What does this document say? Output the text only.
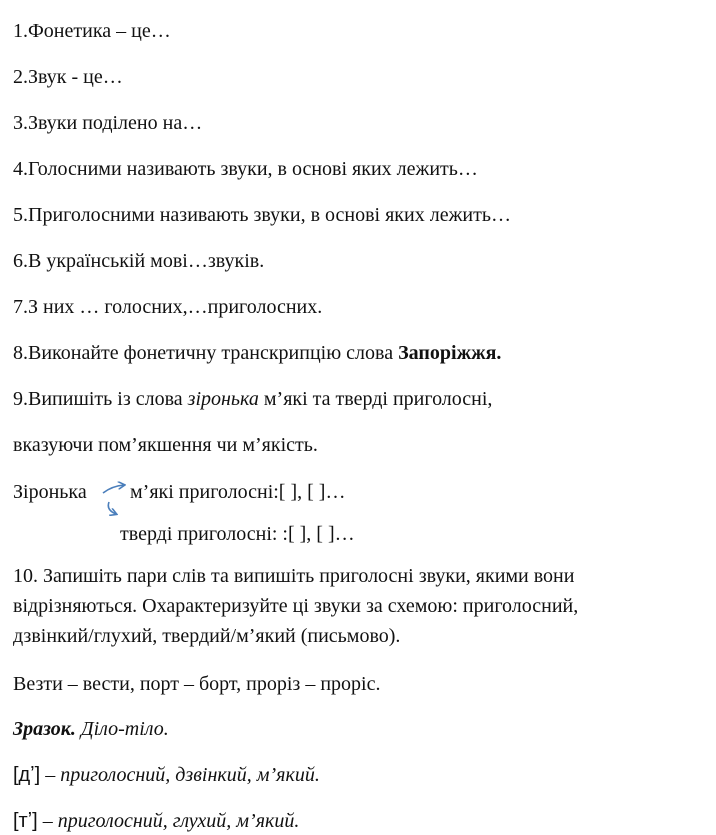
1.Фонетика – це…
2.Звук - це…
3.Звуки поділено на…
4.Голосними називають звуки, в основі яких лежить…
5.Приголосними називають звуки, в основі яких лежить…
6.В українській мові…звуків.
7.З них … голосних,…приголосних.
8.Виконайте фонетичну транскрипцію слова Запоріжжя.
9.Випишіть із слова зіронька м’які та тверді приголосні,
вказуючи пом’якшення чи м’якість.
Зіронька м’які приголосні:[ ], [ ]…
тверді приголосні: :[ ], [ ]…
10. Запишіть пари слів та випишіть приголосні звуки, якими вони
відрізняються. Охарактеризуйте ці звуки за схемою: приголосний,
дзвінкий/глухий, твердий/м’який (письмово).
Везти – вести, порт – борт, проріз – проріс.
Зразок. Діло-тіло.
[дʼ] – приголосний, дзвінкий, м’який.
[тʼ] – приголосний, глухий, м’який.
